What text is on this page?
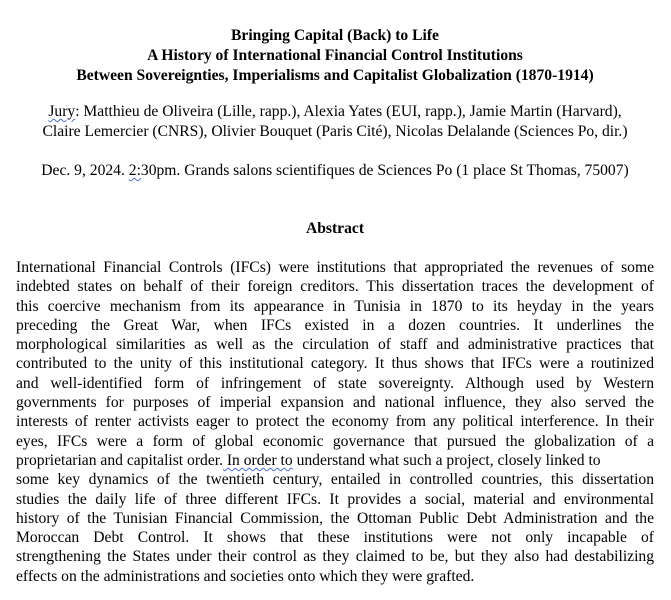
Bringing Capital (Back) to Life
A History of International Financial Control Institutions
Between Sovereignties, Imperialisms and Capitalist Globalization (1870-1914)
Jury: Matthieu de Oliveira (Lille, rapp.), Alexia Yates (EUI, rapp.), Jamie Martin (Harvard),
Claire Lemercier (CNRS), Olivier Bouquet (Paris Cité), Nicolas Delalande (Sciences Po, dir.)
Dec. 9, 2024. 2:30pm. Grands salons scientifiques de Sciences Po (1 place St Thomas, 75007)
Abstract
International Financial Controls (IFCs) were institutions that appropriated the revenues of some
indebted states on behalf of their foreign creditors. This dissertation traces the development of
this coercive mechanism from its appearance in Tunisia in 1870 to its heyday in the years
preceding the Great War, when IFCs existed in a dozen countries. It underlines the
morphological similarities as well as the circulation of staff and administrative practices that
contributed to the unity of this institutional category. It thus shows that IFCs were a routinized
and well-identified form of infringement of state sovereignty. Although used by Western
governments for purposes of imperial expansion and national influence, they also served the
interests of renter activists eager to protect the economy from any political interference. In their
eyes, IFCs were a form of global economic governance that pursued the globalization of a
proprietarian and capitalist order. In order to understand what such a project, closely linked to
some key dynamics of the twentieth century, entailed in controlled countries, this dissertation
studies the daily life of three different IFCs. It provides a social, material and environmental
history of the Tunisian Financial Commission, the Ottoman Public Debt Administration and the
Moroccan Debt Control. It shows that these institutions were not only incapable of
strengthening the States under their control as they claimed to be, but they also had destabilizing
effects on the administrations and societies onto which they were grafted.
